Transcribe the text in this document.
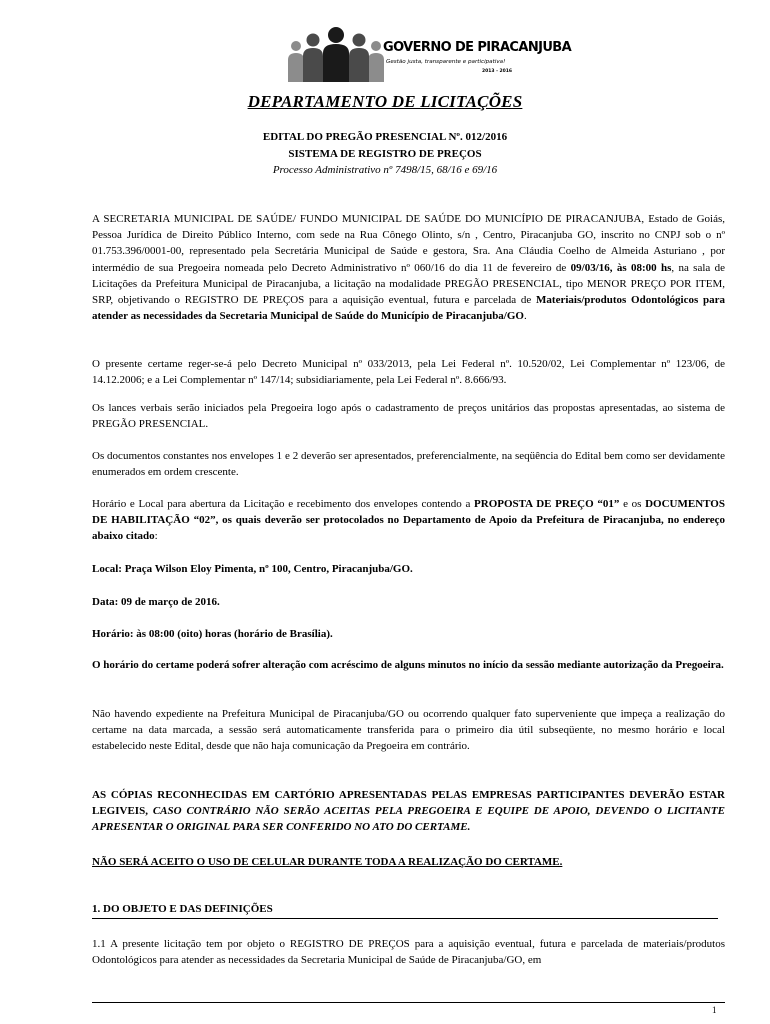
GOVERNO DE PIRACANJUBA
Gestão justa, transparente e participativa!
2013 - 2016
DEPARTAMENTO DE LICITAÇÕES
EDITAL DO PREGÃO PRESENCIAL Nº. 012/2016
SISTEMA DE REGISTRO DE PREÇOS
Processo Administrativo nº 7498/15, 68/16 e 69/16

A SECRETARIA MUNICIPAL DE SAÚDE/ FUNDO MUNICIPAL DE SAÚDE DO MUNICÍPIO DE PIRACANJUBA, Estado de Goiás, Pessoa Jurídica de Direito Público Interno, com sede na Rua Cônego Olinto, s/n , Centro, Piracanjuba GO, inscrito no CNPJ sob o nº 01.753.396/0001-00, representado pela Secretária Municipal de Saúde e gestora, Sra. Ana Cláudia Coelho de Almeida Asturiano , por intermédio de sua Pregoeira nomeada pelo Decreto Administrativo nº 060/16 do dia 11 de fevereiro de 09/03/16, às 08:00 hs, na sala de Licitações da Prefeitura Municipal de Piracanjuba, a licitação na modalidade PREGÃO PRESENCIAL, tipo MENOR PREÇO POR ITEM, SRP, objetivando o REGISTRO DE PREÇOS para a aquisição eventual, futura e parcelada de Materiais/produtos Odontológicos para atender as necessidades da Secretaria Municipal de Saúde do Município de Piracanjuba/GO.

O presente certame reger-se-á pelo Decreto Municipal nº 033/2013, pela Lei Federal nº. 10.520/02, Lei Complementar nº 123/06, de 14.12.2006; e a Lei Complementar nº 147/14; subsidiariamente, pela Lei Federal nº. 8.666/93.
Os lances verbais serão iniciados pela Pregoeira logo após o cadastramento de preços unitários das propostas apresentadas, ao sistema de PREGÃO PRESENCIAL.
Os documentos constantes nos envelopes 1 e 2 deverão ser apresentados, preferencialmente, na seqüência do Edital bem como ser devidamente enumerados em ordem crescente.

Horário e Local para abertura da Licitação e recebimento dos envelopes contendo a PROPOSTA DE PREÇO “01” e os DOCUMENTOS DE HABILITAÇÃO “02”, os quais deverão ser protocolados no Departamento de Apoio da Prefeitura de Piracanjuba, no endereço abaixo citado:

Local: Praça Wilson Eloy Pimenta, nº 100, Centro, Piracanjuba/GO.
Data: 09 de março de 2016.
Horário: às 08:00 (oito) horas (horário de Brasília).
O horário do certame poderá sofrer alteração com acréscimo de alguns minutos no início da sessão mediante autorização da Pregoeira.
Não havendo expediente na Prefeitura Municipal de Piracanjuba/GO ou ocorrendo qualquer fato superveniente que impeça a realização do certame na data marcada, a sessão será automaticamente transferida para o primeiro dia útil subseqüente, no mesmo horário e local estabelecido neste Edital, desde que não haja comunicação da Pregoeira em contrário.

AS CÓPIAS RECONHECIDAS EM CARTÓRIO APRESENTADAS PELAS EMPRESAS PARTICIPANTES DEVERÃO ESTAR LEGIVEIS, CASO CONTRÁRIO NÃO SERÃO ACEITAS PELA PREGOEIRA E EQUIPE DE APOIO, DEVENDO O LICITANTE APRESENTAR O ORIGINAL PARA SER CONFERIDO NO ATO DO CERTAME.

NÃO SERÁ ACEITO O USO DE CELULAR DURANTE TODA A REALIZAÇÃO DO CERTAME.
1. DO OBJETO E DAS DEFINIÇÕES
1.1 A presente licitação tem por objeto o REGISTRO DE PREÇOS para a aquisição eventual, futura e parcelada de materiais/produtos Odontológicos para atender as necessidades da Secretaria Municipal de Saúde de Piracanjuba/GO, em
1
